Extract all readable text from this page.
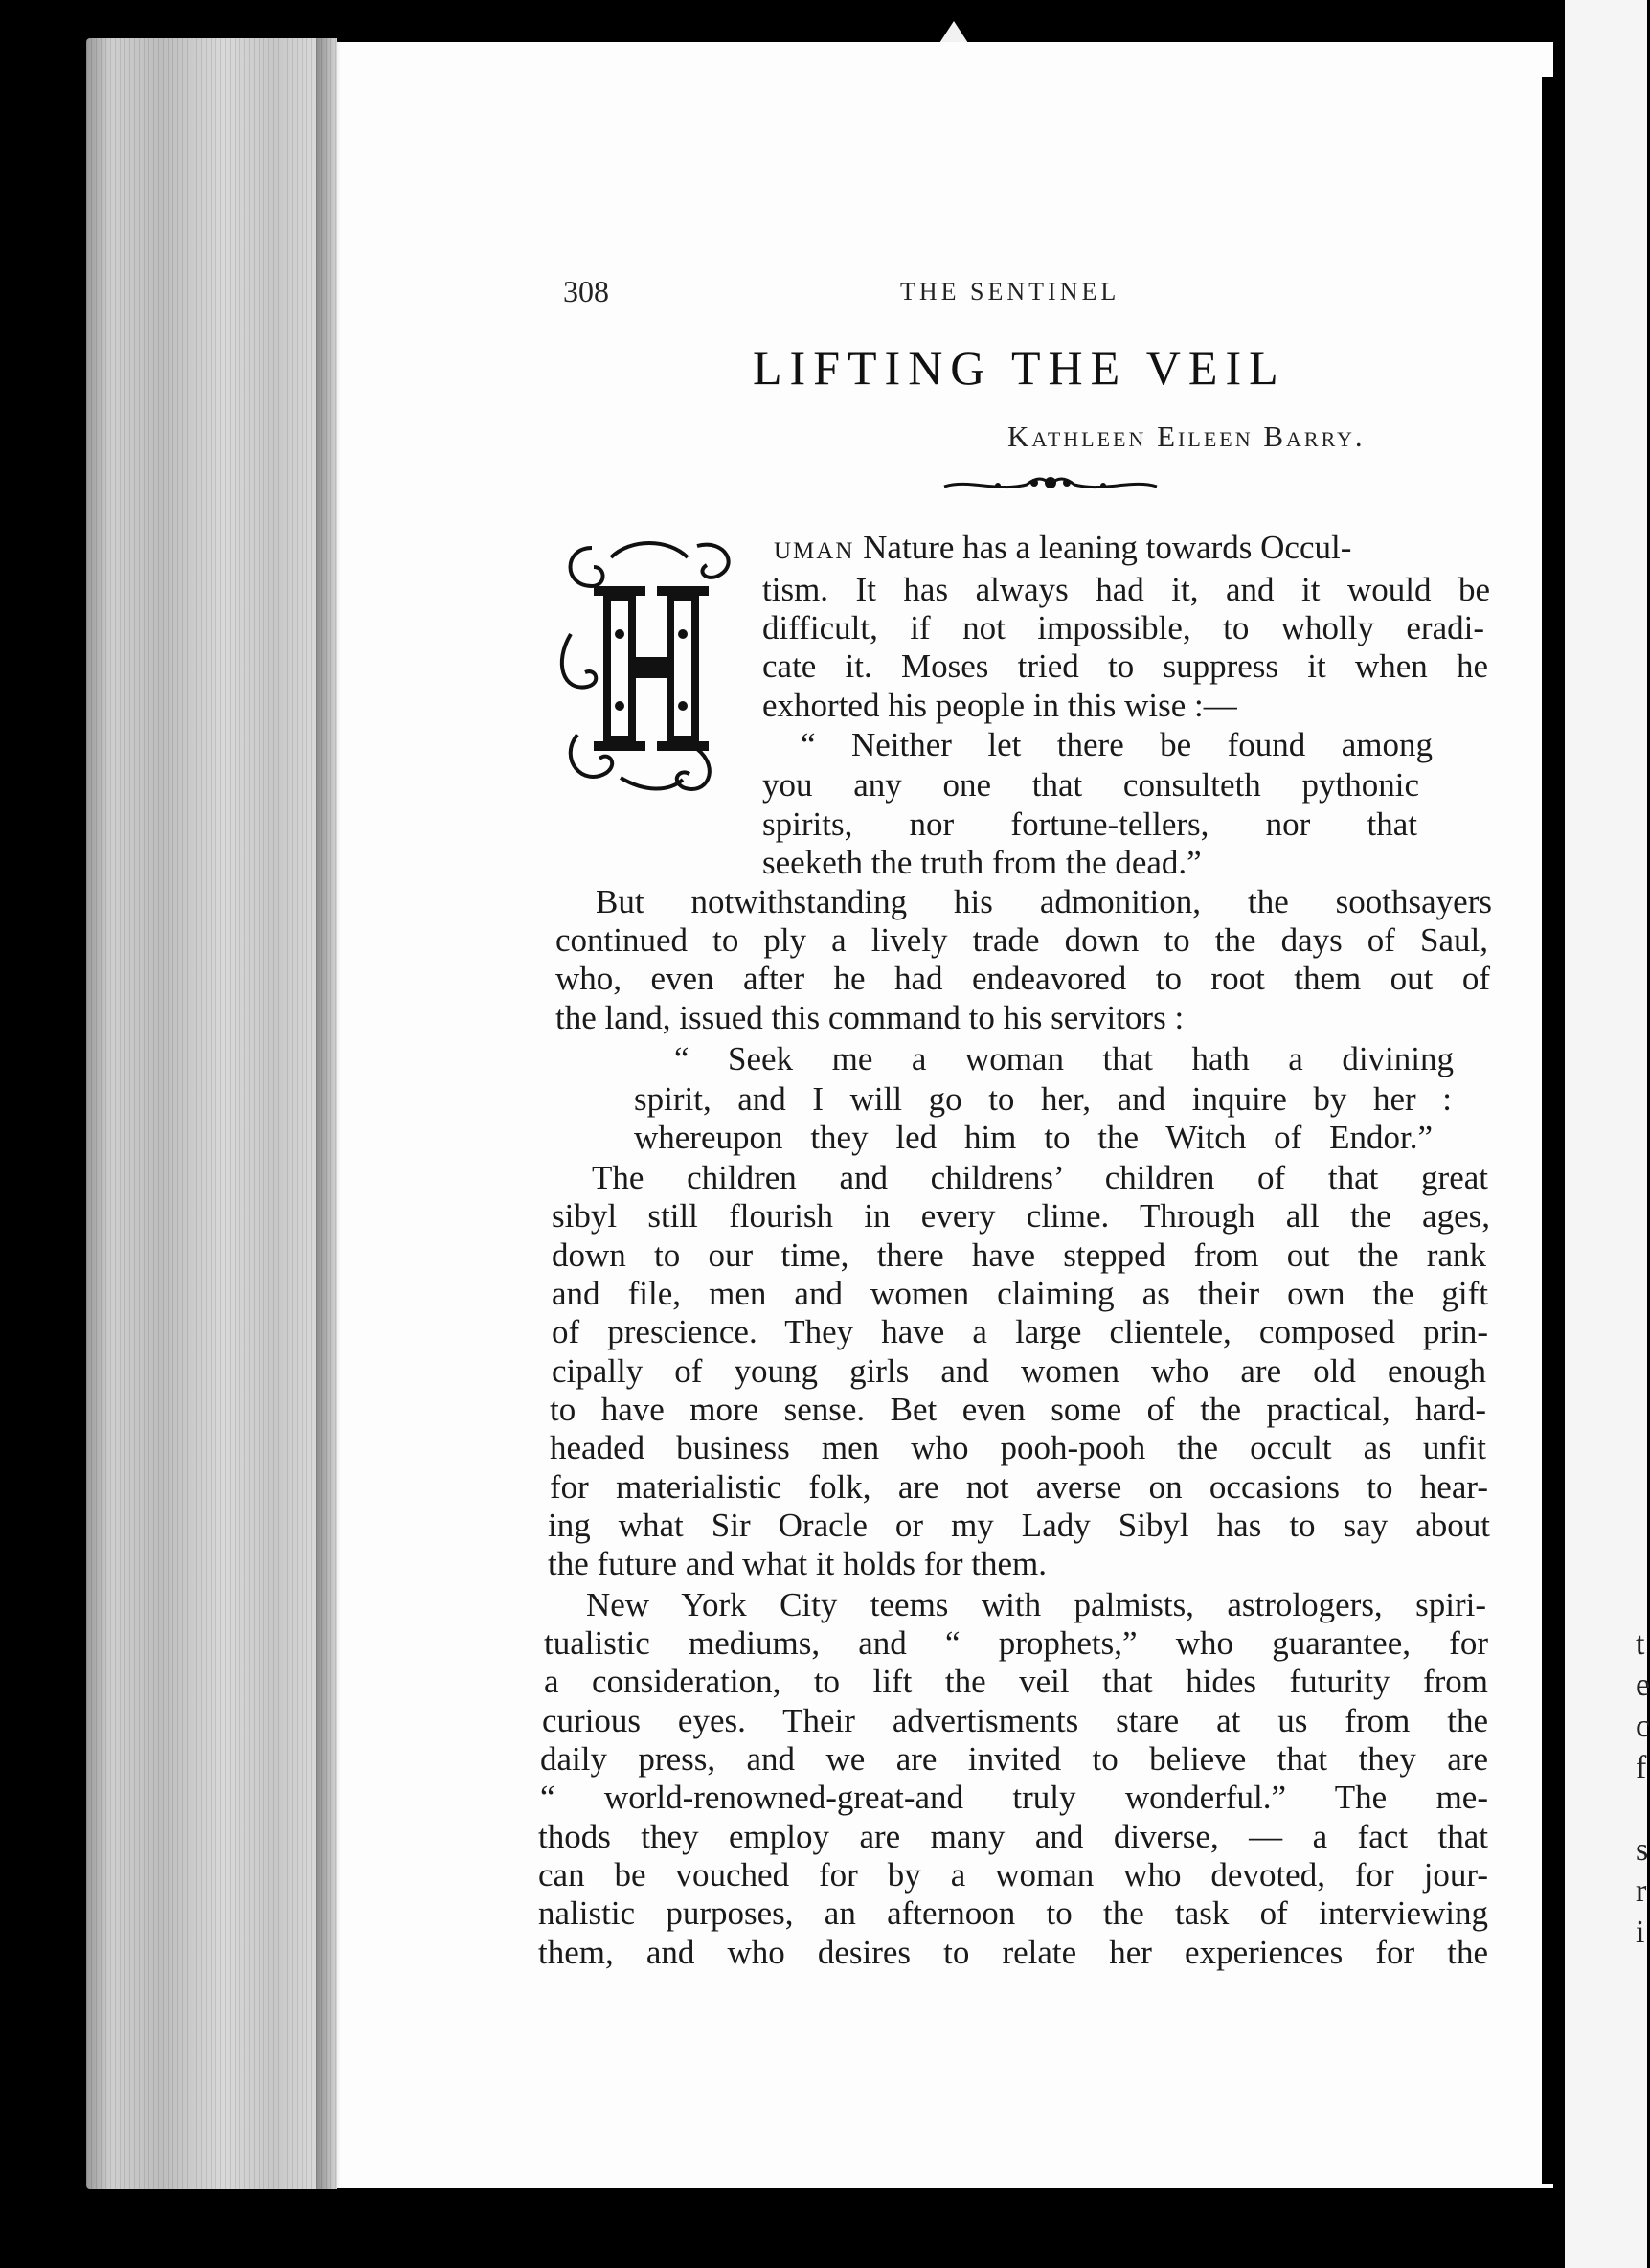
t
e
c
f

s
r
i
308	THE SENTINEL
LIFTING THE VEIL
Kathleen Eileen Barry.
uman Nature has a leaning towards Occul-
tism. It has always had it, and it would be
difficult, if not impossible, to wholly eradi-
cate it. Moses tried to suppress it when he
exhorted his people in this wise :—
“ Neither let there be found among
you any one that consulteth pythonic
spirits, nor fortune-tellers, nor that
seeketh the truth from the dead.”
But notwithstanding his admonition, the soothsayers
continued to ply a lively trade down to the days of Saul,
who, even after he had endeavored to root them out of
the land, issued this command to his servitors :
“ Seek me a woman that hath a divining
spirit, and I will go to her, and inquire by her :
whereupon they led him to the Witch of Endor.”
The children and childrens’ children of that great
sibyl still flourish in every clime. Through all the ages,
down to our time, there have stepped from out the rank
and file, men and women claiming as their own the gift
of prescience. They have a large clientele, composed prin-
cipally of young girls and women who are old enough
to have more sense. Bet even some of the practical, hard-
headed business men who pooh-pooh the occult as unfit
for materialistic folk, are not averse on occasions to hear-
ing what Sir Oracle or my Lady Sibyl has to say about
the future and what it holds for them.
New York City teems with palmists, astrologers, spiri-
tualistic mediums, and “ prophets,” who guarantee, for
a consideration, to lift the veil that hides futurity from
curious eyes. Their advertisments stare at us from the
daily press, and we are invited to believe that they are
“ world-renowned-great-and truly wonderful.” The me-
thods they employ are many and diverse, — a fact that
can be vouched for by a woman who devoted, for jour-
nalistic purposes, an afternoon to the task of interviewing
them, and who desires to relate her experiences for the
